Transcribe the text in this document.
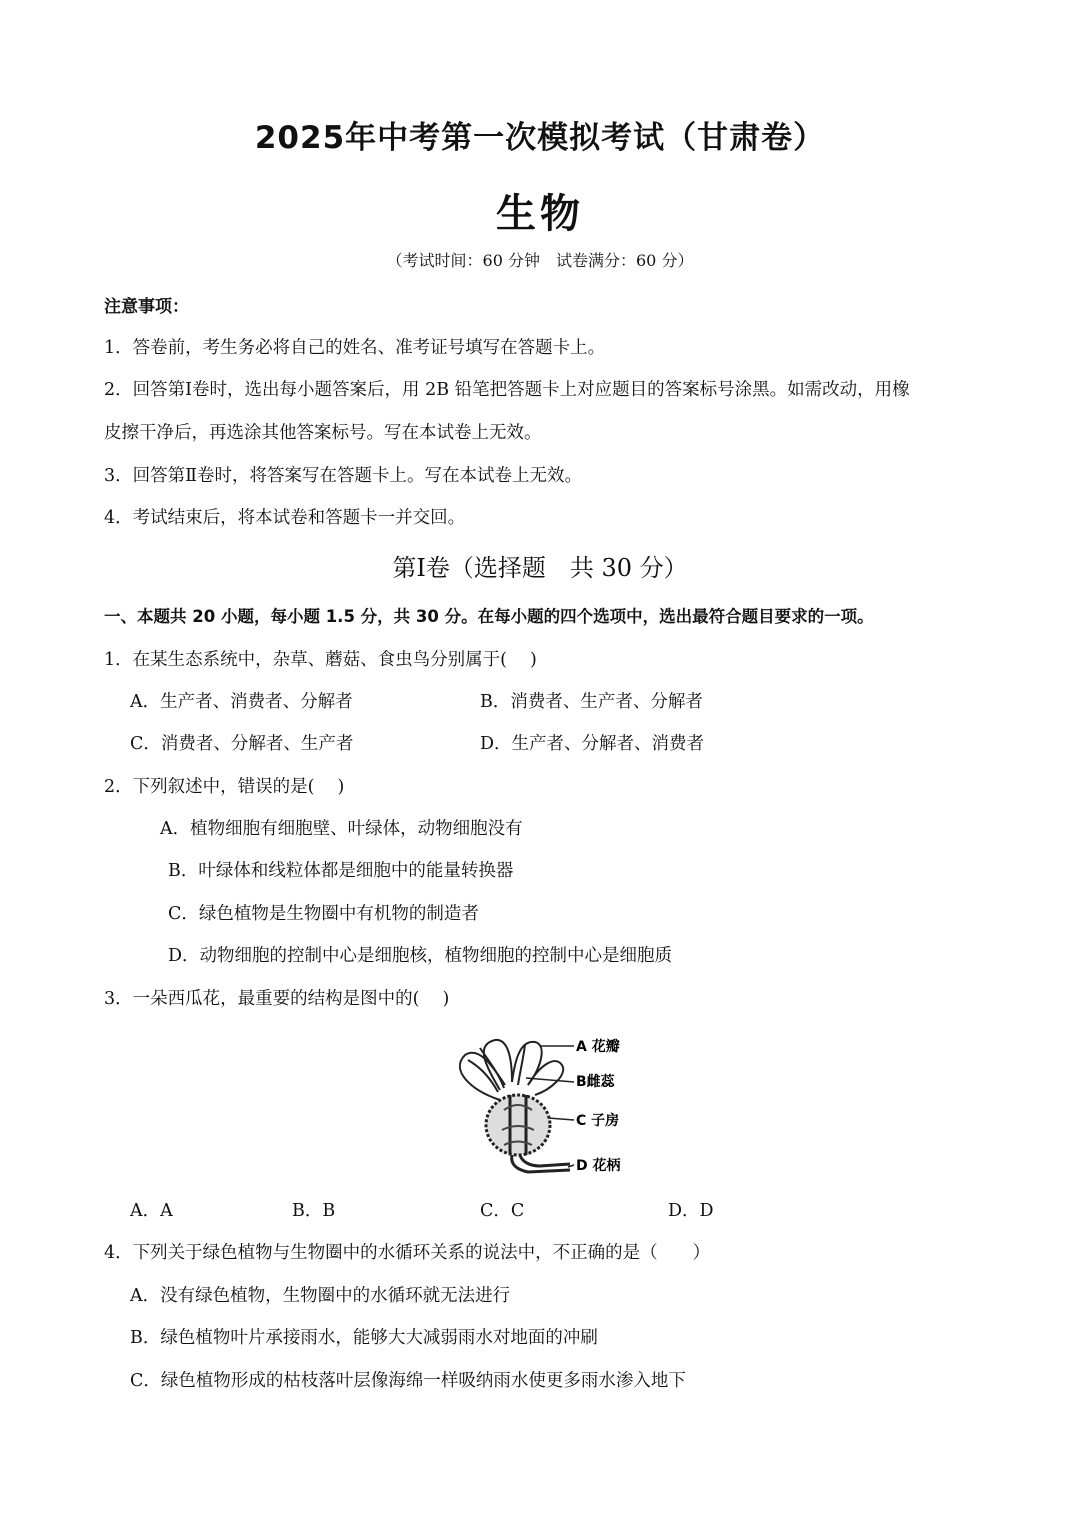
2025年中考第一次模拟考试（甘肃卷）
生物
（考试时间：60 分钟　试卷满分：60 分）
注意事项：
1．答卷前，考生务必将自己的姓名、准考证号填写在答题卡上。
2．回答第Ⅰ卷时，选出每小题答案后，用 2B 铅笔把答题卡上对应题目的答案标号涂黑。如需改动，用橡
皮擦干净后，再选涂其他答案标号。写在本试卷上无效。
3．回答第Ⅱ卷时，将答案写在答题卡上。写在本试卷上无效。
4．考试结束后，将本试卷和答题卡一并交回。
第Ⅰ卷（选择题　共 30 分）
一、本题共 20 小题，每小题 1.5 分，共 30 分。在每小题的四个选项中，选出最符合题目要求的一项。
1．在某生态系统中，杂草、蘑菇、食虫鸟分别属于(　 )
A．生产者、消费者、分解者	B．消费者、生产者、分解者
C．消费者、分解者、生产者	D．生产者、分解者、消费者
2．下列叙述中，错误的是(　 )
A．植物细胞有细胞壁、叶绿体，动物细胞没有
B．叶绿体和线粒体都是细胞中的能量转换器
C．绿色植物是生物圈中有机物的制造者
D．动物细胞的控制中心是细胞核，植物细胞的控制中心是细胞质
3．一朵西瓜花，最重要的结构是图中的(　 )
A 花瓣
B雌蕊
C 子房
D 花柄
A．A	B．B	C．C	D．D
4．下列关于绿色植物与生物圈中的水循环关系的说法中，不正确的是（　　）
A．没有绿色植物，生物圈中的水循环就无法进行
B．绿色植物叶片承接雨水，能够大大减弱雨水对地面的冲刷
C．绿色植物形成的枯枝落叶层像海绵一样吸纳雨水使更多雨水渗入地下
